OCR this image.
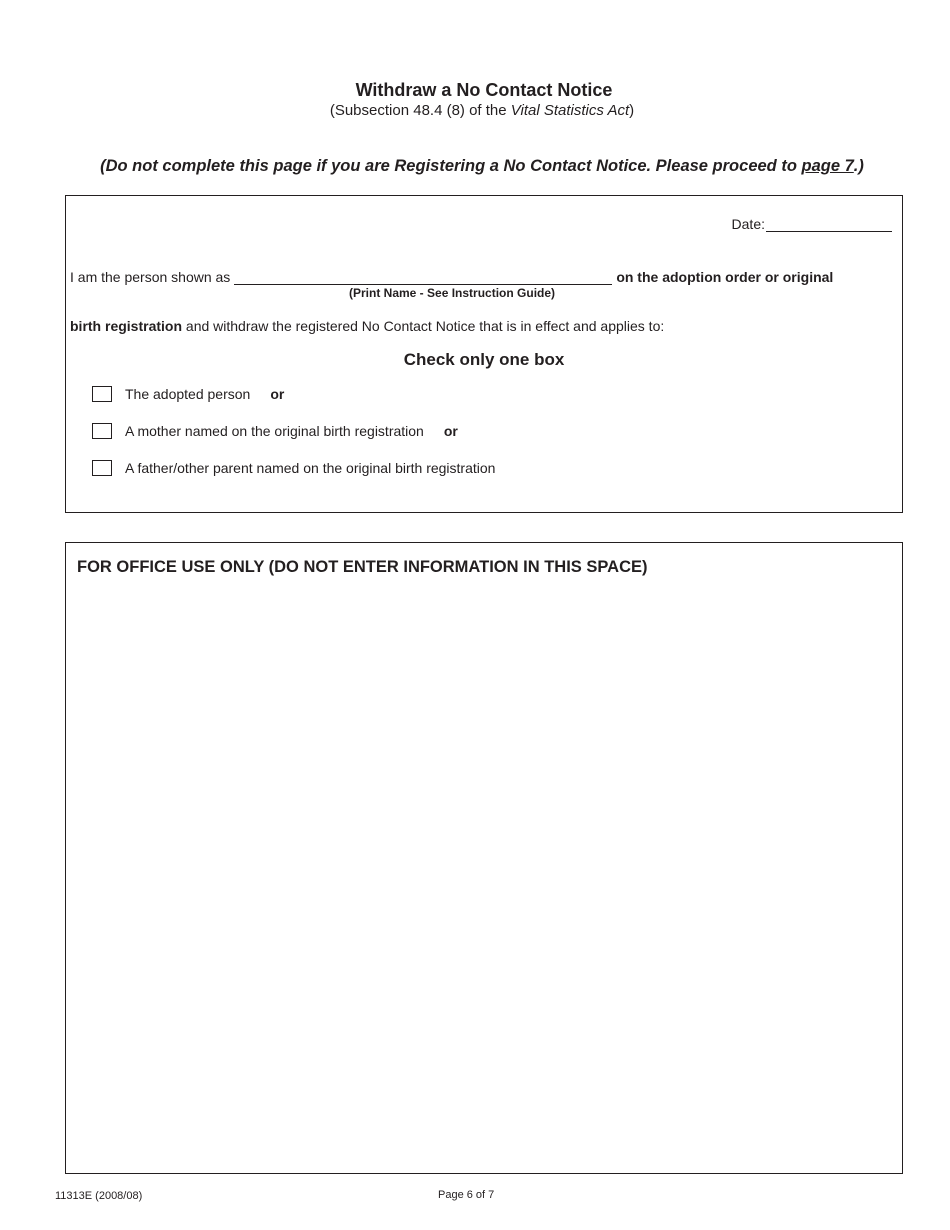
Withdraw a No Contact Notice
(Subsection 48.4 (8) of the Vital Statistics Act)
(Do not complete this page if you are Registering a No Contact Notice. Please proceed to page 7.)
Date:
I am the person shown as	on the adoption order or original
(Print Name - See Instruction Guide)
birth registration and withdraw the registered No Contact Notice that is in effect and applies to:
Check only one box
The adopted person or
A mother named on the original birth registration or
A father/other parent named on the original birth registration
FOR OFFICE USE ONLY (DO NOT ENTER INFORMATION IN THIS SPACE)
11313E (2008/08)	Page 6 of 7
